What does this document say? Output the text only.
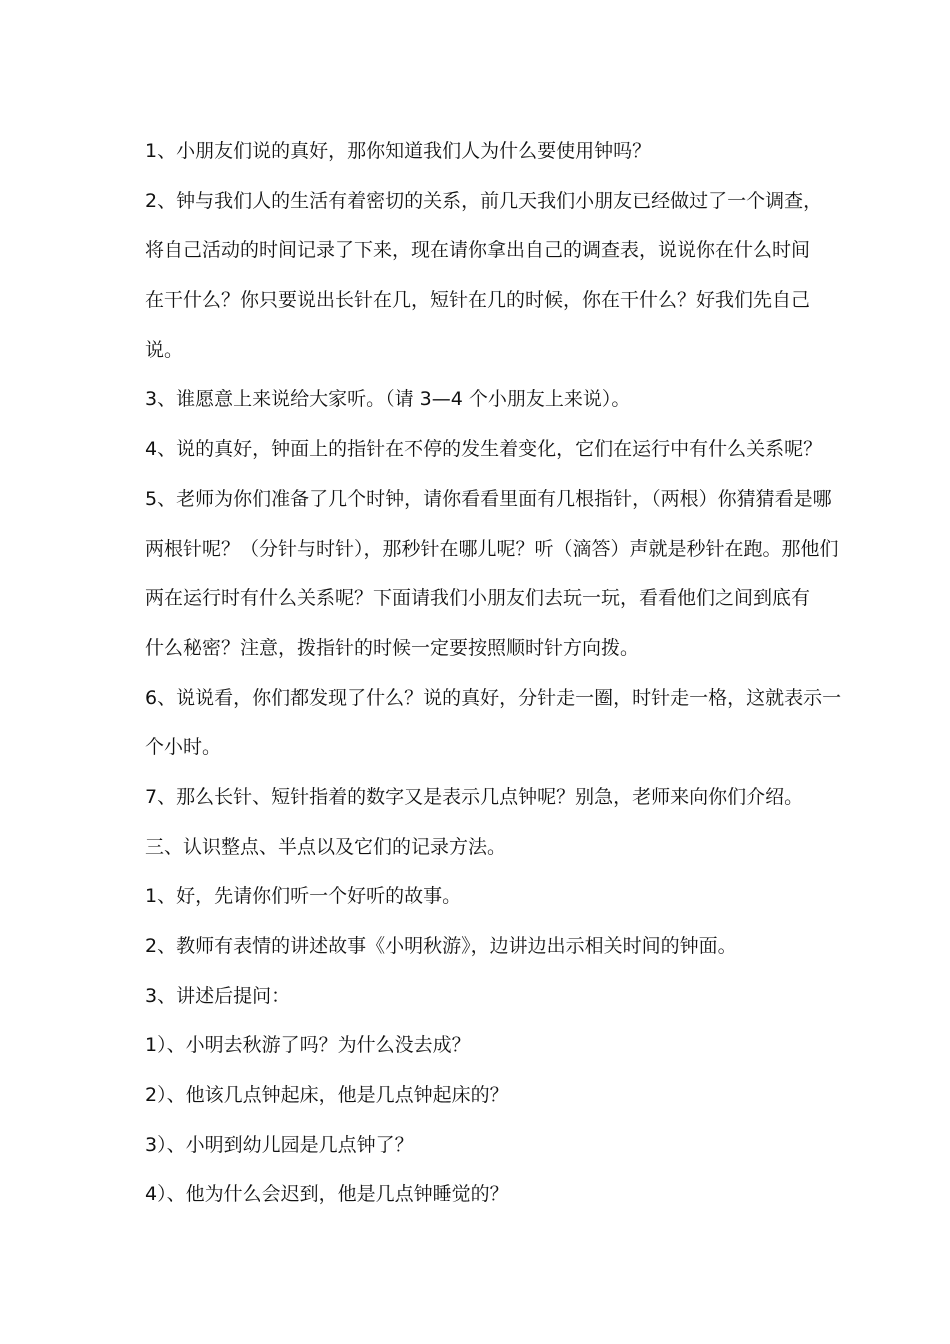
1、小朋友们说的真好，那你知道我们人为什么要使用钟吗？
2、钟与我们人的生活有着密切的关系，前几天我们小朋友已经做过了一个调查，
将自己活动的时间记录了下来，现在请你拿出自己的调查表，说说你在什么时间
在干什么？你只要说出长针在几，短针在几的时候，你在干什么？好我们先自己
说。
3、谁愿意上来说给大家听。（请 3—4 个小朋友上来说）。
4、说的真好，钟面上的指针在不停的发生着变化，它们在运行中有什么关系呢？
5、老师为你们准备了几个时钟，请你看看里面有几根指针，（两根）你猜猜看是哪
两根针呢？（分针与时针），那秒针在哪儿呢？听（滴答）声就是秒针在跑。那他们
两在运行时有什么关系呢？下面请我们小朋友们去玩一玩，看看他们之间到底有
什么秘密？注意，拨指针的时候一定要按照顺时针方向拨。
6、说说看，你们都发现了什么？说的真好，分针走一圈，时针走一格，这就表示一
个小时。
7、那么长针、短针指着的数字又是表示几点钟呢？别急，老师来向你们介绍。
三、认识整点、半点以及它们的记录方法。
1、好，先请你们听一个好听的故事。
2、教师有表情的讲述故事《小明秋游》，边讲边出示相关时间的钟面。
3、讲述后提问：
1）、小明去秋游了吗？为什么没去成？
2）、他该几点钟起床，他是几点钟起床的？
3）、小明到幼儿园是几点钟了？
4）、他为什么会迟到，他是几点钟睡觉的？
